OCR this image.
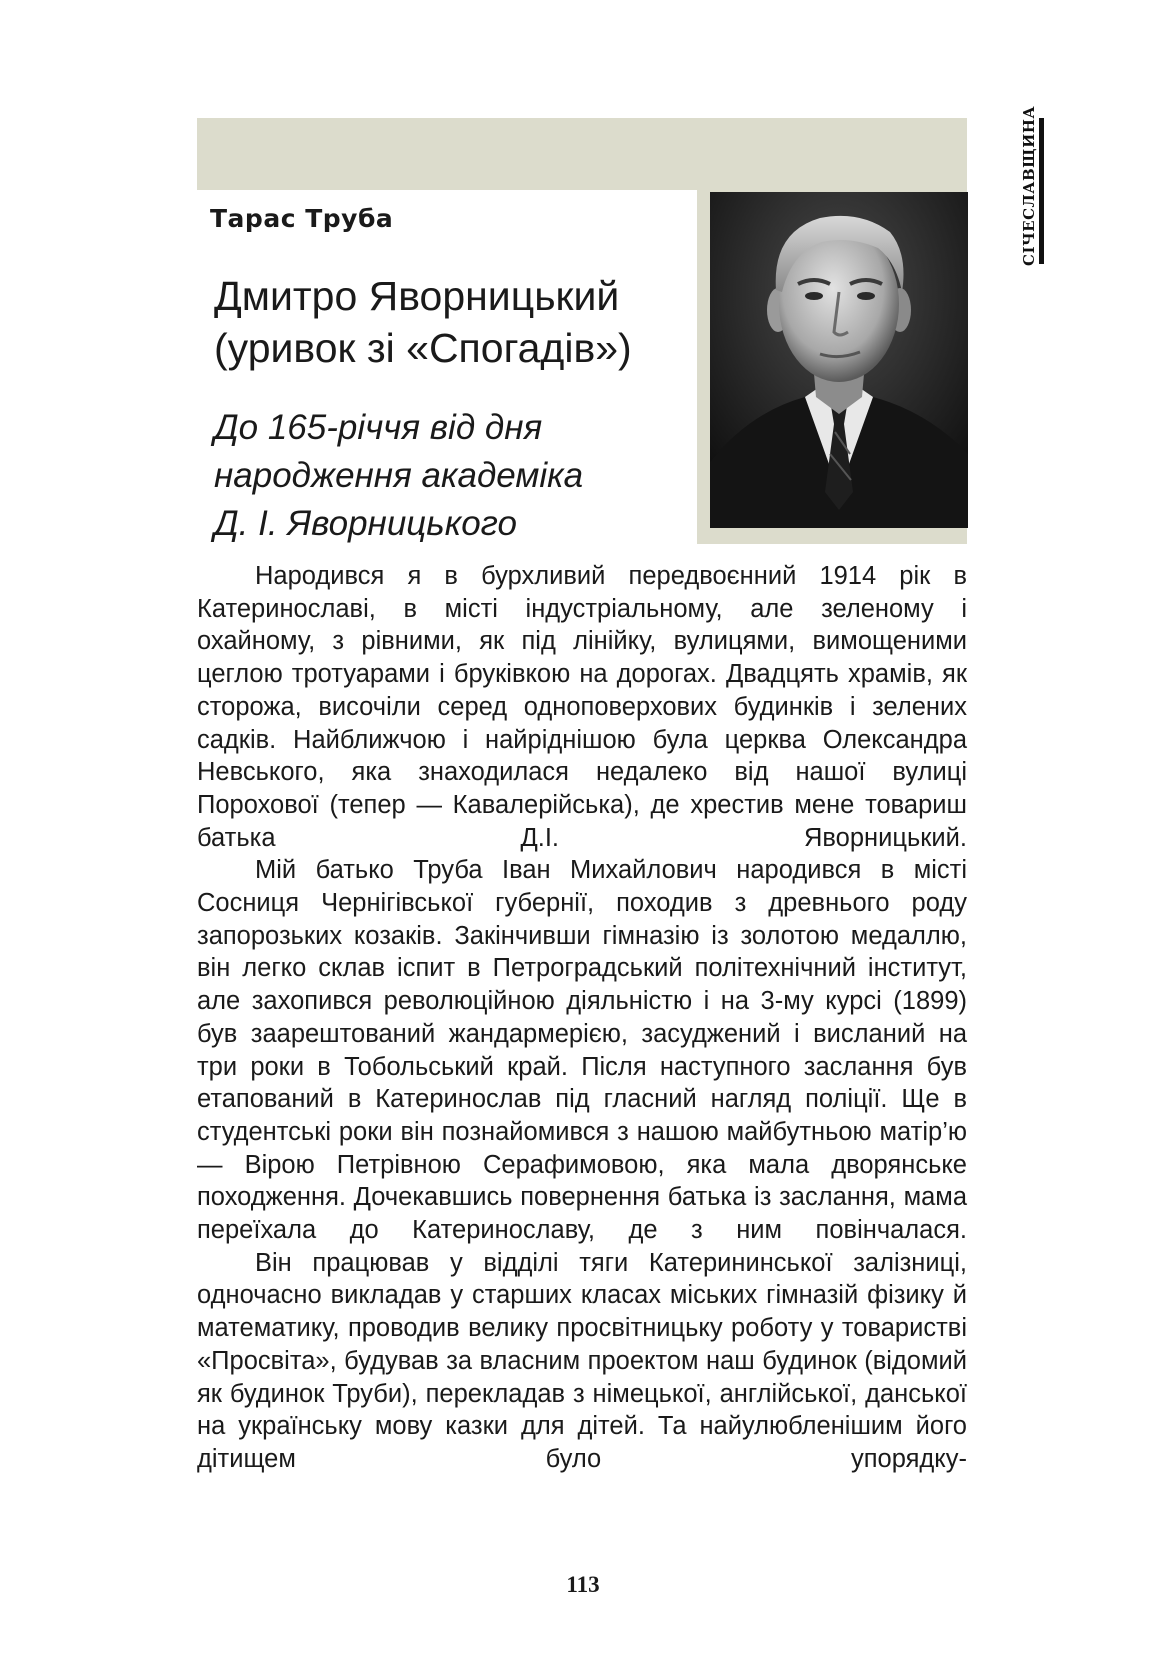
Тарас Труба
Дмитро Яворницький
(уривок зі «Спогадів»)
До 165-річчя від дня
народження академіка
Д. І. Яворницького

Народився я в бурхливий передвоєнний 1914 рік в Катеринославі, в місті індустріальному, але зеленому і охайному, з рівними, як під лінійку, вулицями, вимощеними цеглою тротуарами і бруківкою на дорогах. Двадцять храмів, як сторожа, височіли серед одноповерхових будинків і зелених садків. Найближчою і найріднішою була церква Олександра Невського, яка знаходилася недалеко від нашої вулиці Порохової (тепер — Кавалерійська), де хрестив мене товариш батька Д.І. Яворницький.

Мій батько Труба Іван Михайлович народився в місті Сосниця Чернігівської губернії, походив з древнього роду запорозьких козаків. Закінчивши гімназію із золотою медаллю, він легко склав іспит в Петроградський політехнічний інститут, але захопився революційною діяльністю і на 3-му курсі (1899) був заарештований жандармерією, засуджений і висланий на три роки в Тобольський край. Після наступного заслання був етапований в Катеринослав під гласний нагляд поліції. Ще в студентські роки він познайомився з нашою майбутньою матір’ю — Вірою Петрівною Серафимовою, яка мала дворянське походження. Дочекавшись повернення батька із заслання, мама переїхала до Катеринославу, де з ним повінчалася.

Він працював у відділі тяги Катерининської залізниці, одночасно викладав у старших класах міських гімназій фізику й математику, проводив велику просвітницьку роботу у товаристві «Просвіта», будував за власним проектом наш будинок (відомий як будинок Труби), перекладав з німецької, англійської, данської на українську мову казки для дітей. Та найулюбленішим його дітищем було упорядку-

113
СІЧЕСЛАВЩИНА
